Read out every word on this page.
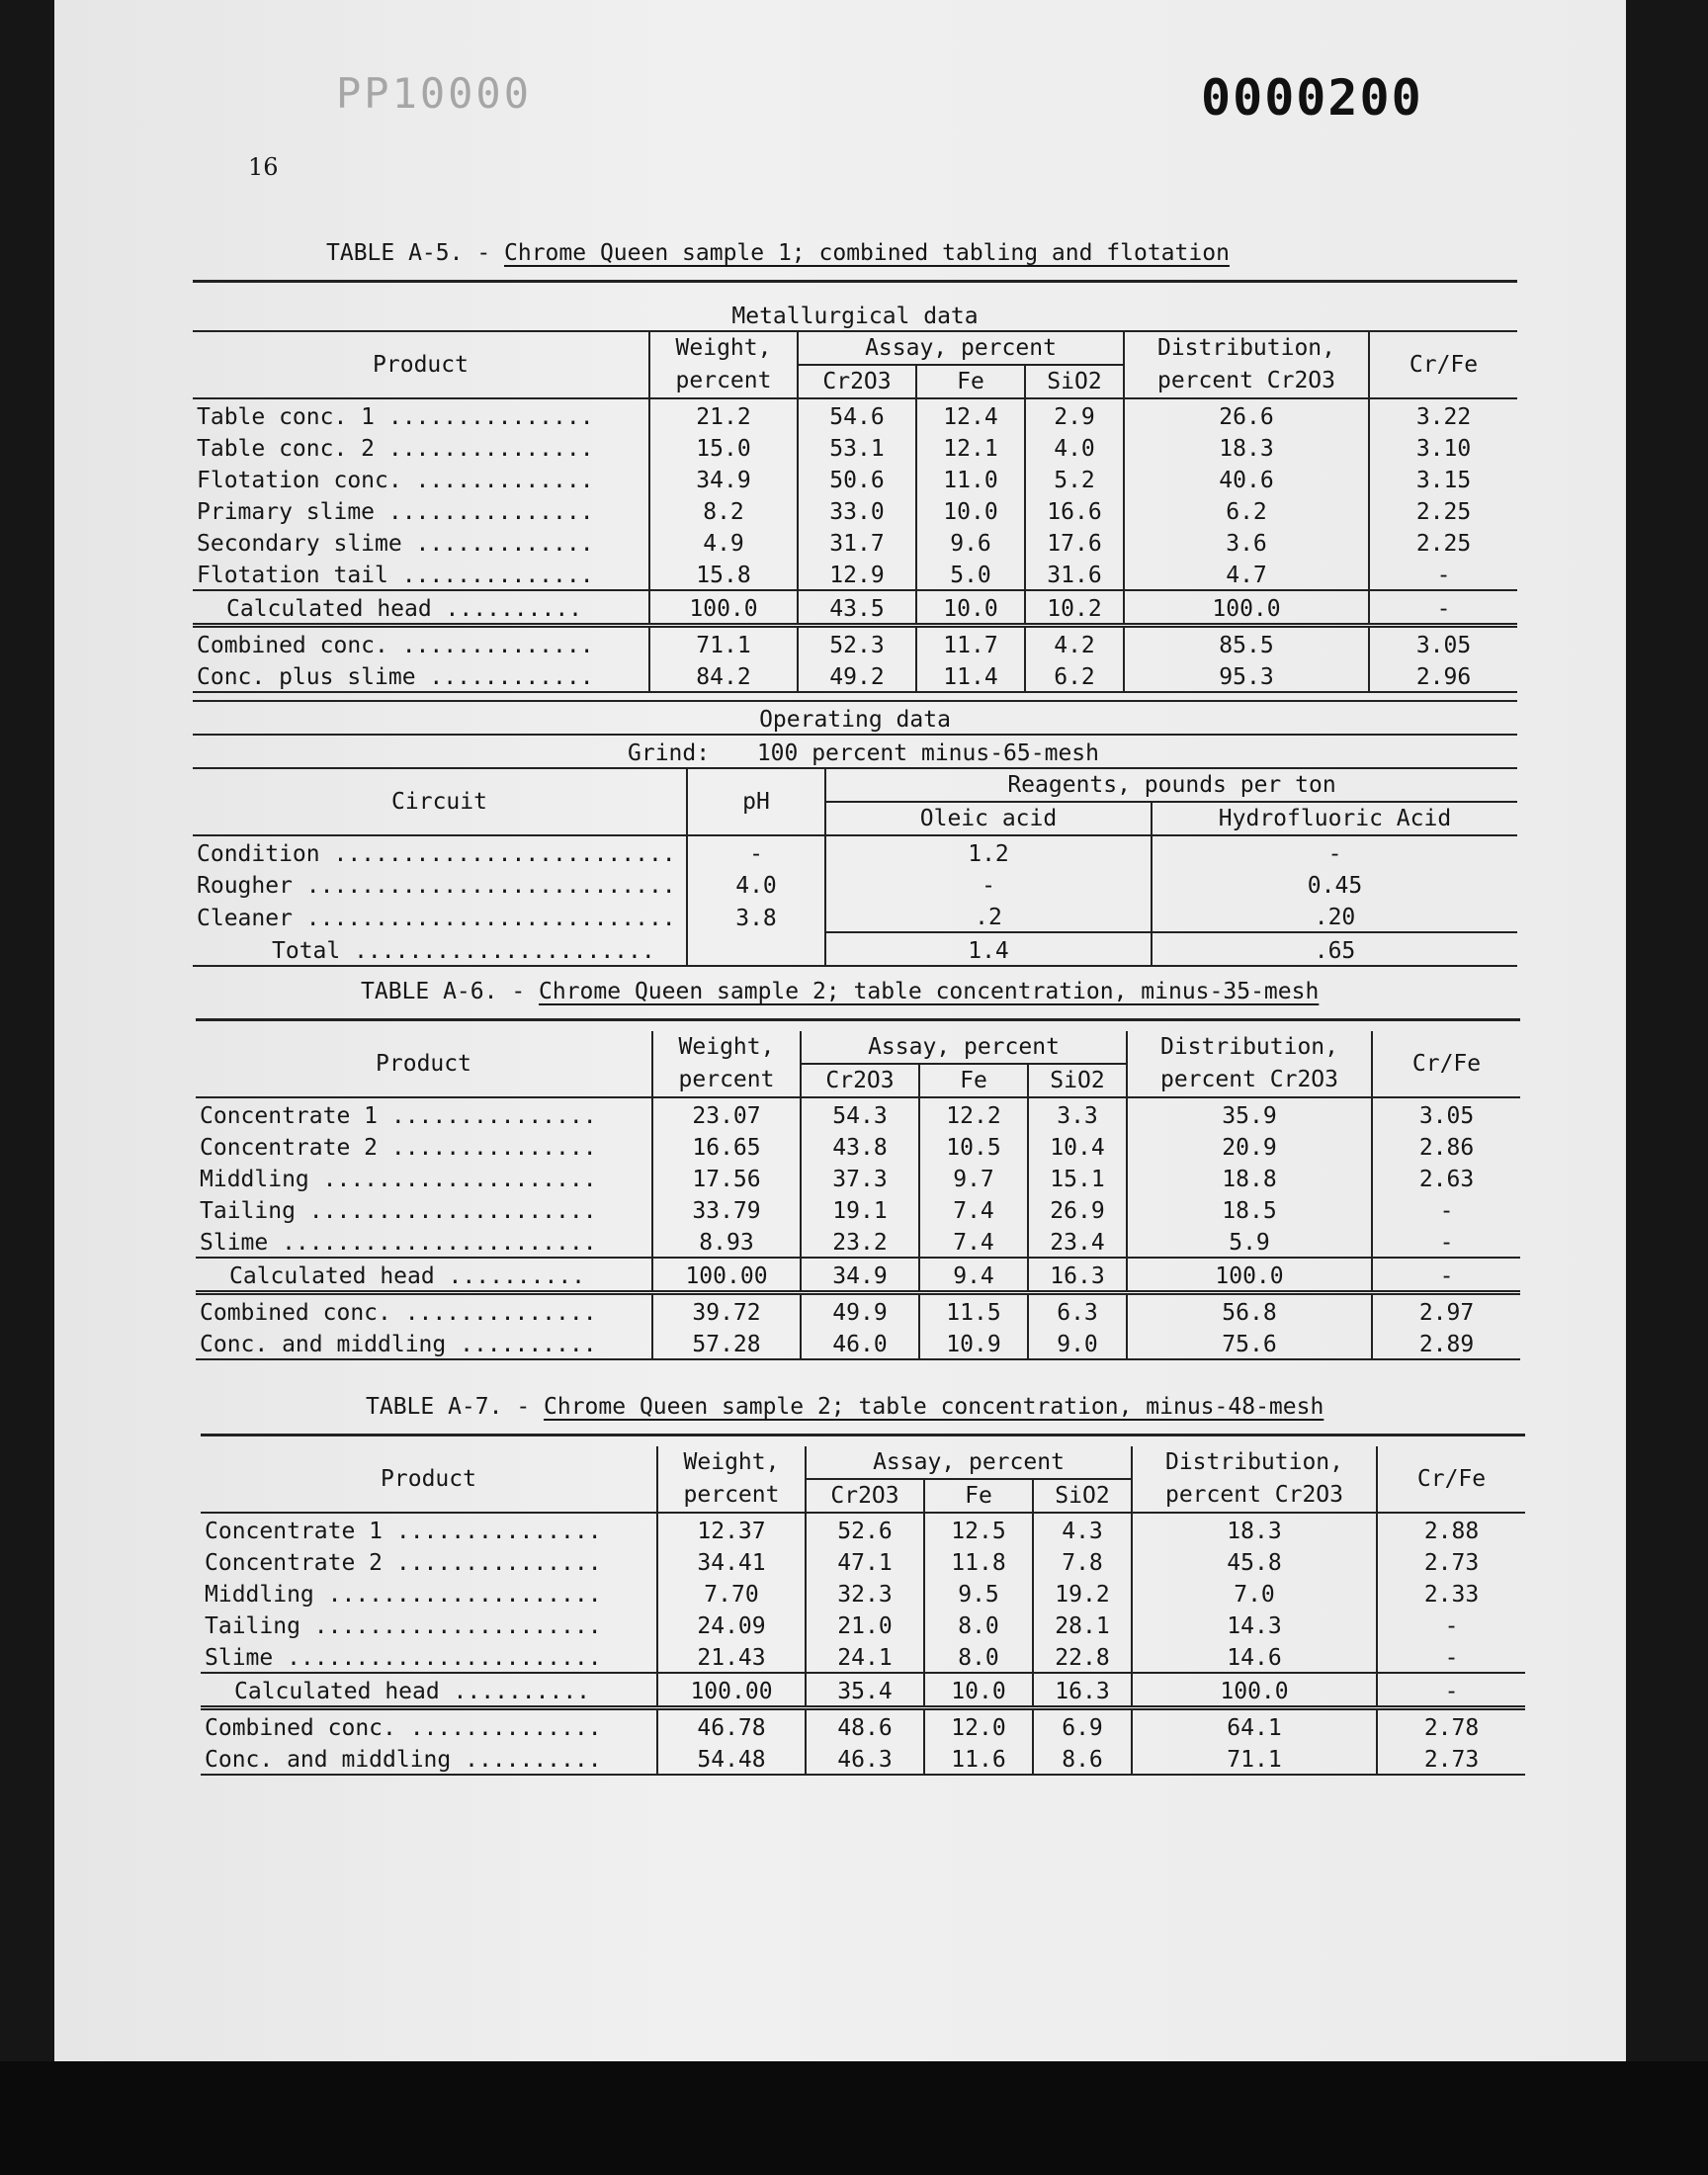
PP10000	0000200
16
TABLE A-5. - Chrome Queen sample 1; combined tabling and flotation

Metallurgical data						
Product	Weight,	Assay, percent			Distribution,	Cr/Fe
	percent	Cr2O3	Fe	SiO2	percent Cr2O3	
Table conc. 1 ...............	21.2	54.6	12.4	2.9	26.6	3.22
Table conc. 2 ...............	15.0	53.1	12.1	4.0	18.3	3.10
Flotation conc. .............	34.9	50.6	11.0	5.2	40.6	3.15
Primary slime ...............	8.2	33.0	10.0	16.6	6.2	2.25
Secondary slime .............	4.9	31.7	9.6	17.6	3.6	2.25
Flotation tail ..............	15.8	12.9	5.0	31.6	4.7	-
Calculated head ..........	100.0	43.5	10.0	10.2	100.0	-
Combined conc. ..............	71.1	52.3	11.7	4.2	85.5	3.05
Conc. plus slime ............	84.2	49.2	11.4	6.2	95.3	2.96
Operating data			
Grind: 100 percent minus-65-mesh			
Circuit	pH	Reagents, pounds per ton	
		Oleic acid	Hydrofluoric Acid
Condition .........................	-	1.2	-
Rougher ...........................	4.0	-	0.45
Cleaner ...........................	3.8	.2	.20
Total ......................		1.4	.65
TABLE A-6. - Chrome Queen sample 2; table concentration, minus-35-mesh

Product	Weight,	Assay, percent			Distribution,	Cr/Fe
	percent	Cr2O3	Fe	SiO2	percent Cr2O3	
Concentrate 1 ...............	23.07	54.3	12.2	3.3	35.9	3.05
Concentrate 2 ...............	16.65	43.8	10.5	10.4	20.9	2.86
Middling ....................	17.56	37.3	9.7	15.1	18.8	2.63
Tailing .....................	33.79	19.1	7.4	26.9	18.5	-
Slime .......................	8.93	23.2	7.4	23.4	5.9	-
Calculated head ..........	100.00	34.9	9.4	16.3	100.0	-
Combined conc. ..............	39.72	49.9	11.5	6.3	56.8	2.97
Conc. and middling ..........	57.28	46.0	10.9	9.0	75.6	2.89
TABLE A-7. - Chrome Queen sample 2; table concentration, minus-48-mesh

Product	Weight,	Assay, percent			Distribution,	Cr/Fe
	percent	Cr2O3	Fe	SiO2	percent Cr2O3	
Concentrate 1 ...............	12.37	52.6	12.5	4.3	18.3	2.88
Concentrate 2 ...............	34.41	47.1	11.8	7.8	45.8	2.73
Middling ....................	7.70	32.3	9.5	19.2	7.0	2.33
Tailing .....................	24.09	21.0	8.0	28.1	14.3	-
Slime .......................	21.43	24.1	8.0	22.8	14.6	-
Calculated head ..........	100.00	35.4	10.0	16.3	100.0	-
Combined conc. ..............	46.78	48.6	12.0	6.9	64.1	2.78
Conc. and middling ..........	54.48	46.3	11.6	8.6	71.1	2.73
